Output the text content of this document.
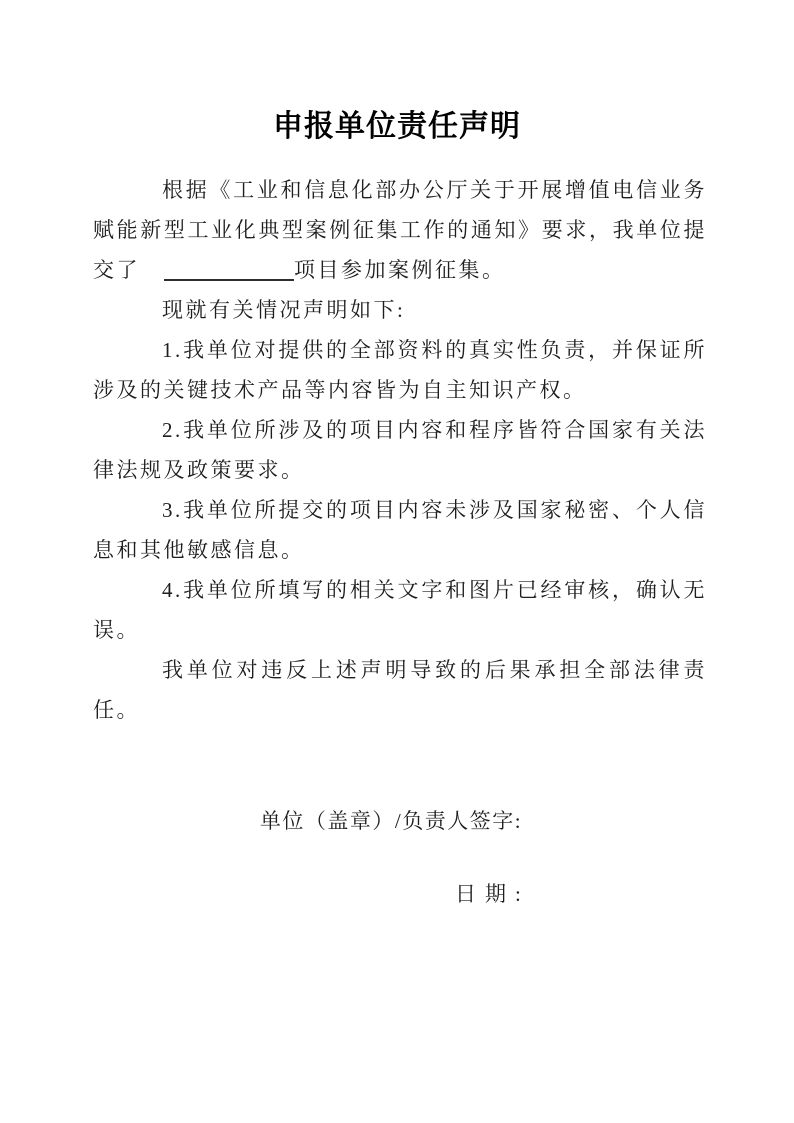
申报单位责任声明

根据《工业和信息化部办公厅关于开展增值电信业务赋能新型工业化典型案例征集工作的通知》要求，我单位提交了	项目参加案例征集。

现就有关情况声明如下:

1.我单位对提供的全部资料的真实性负责，并保证所涉及的关键技术产品等内容皆为自主知识产权。

2.我单位所涉及的项目内容和程序皆符合国家有关法律法规及政策要求。

3.我单位所提交的项目内容未涉及国家秘密、个人信息和其他敏感信息。

4.我单位所填写的相关文字和图片已经审核，确认无误。

我单位对违反上述声明导致的后果承担全部法律责任。

单位（盖章）/负责人签字:
日期:
